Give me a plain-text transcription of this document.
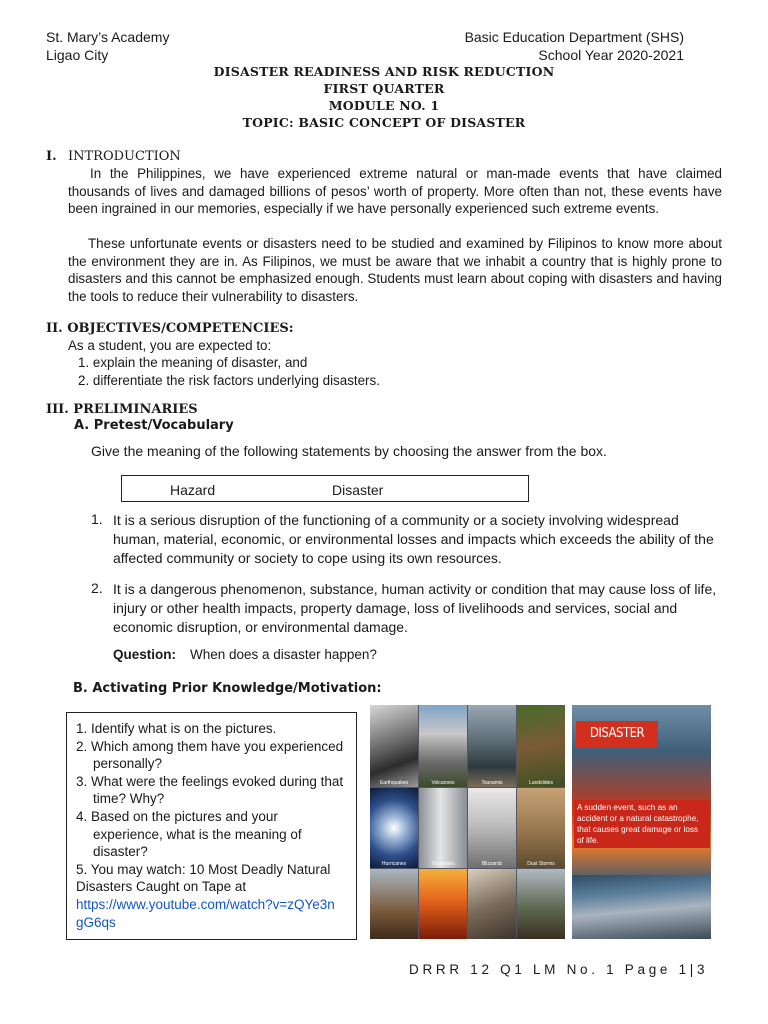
St. Mary’s Academy
Ligao City
Basic Education Department (SHS)
School Year 2020-2021
DISASTER READINESS AND RISK REDUCTION
FIRST QUARTER
MODULE NO. 1
TOPIC: BASIC CONCEPT OF DISASTER
I. INTRODUCTION
In the Philippines, we have experienced extreme natural or man-made events that have claimed thousands of lives and damaged billions of pesos’ worth of property. More often than not, these events have been ingrained in our memories, especially if we have personally experienced such extreme events.
These unfortunate events or disasters need to be studied and examined by Filipinos to know more about the environment they are in. As Filipinos, we must be aware that we inhabit a country that is highly prone to disasters and this cannot be emphasized enough. Students must learn about coping with disasters and having the tools to reduce their vulnerability to disasters.
II. OBJECTIVES/COMPETENCIES:
As a student, you are expected to:
1. explain the meaning of disaster, and
2. differentiate the risk factors underlying disasters.
III. PRELIMINARIES
A. Pretest/Vocabulary
Give the meaning of the following statements by choosing the answer from the box.
Hazard	Disaster
1. It is a serious disruption of the functioning of a community or a society involving widespread human, material, economic, or environmental losses and impacts which exceeds the ability of the affected community or society to cope using its own resources.
2. It is a dangerous phenomenon, substance, human activity or condition that may cause loss of life, injury or other health impacts, property damage, loss of livelihoods and services, social and economic disruption, or environmental damage.
Question: When does a disaster happen?
B. Activating Prior Knowledge/Motivation:
1. Identify what is on the pictures.
2. Which among them have you experienced personally?
3. What were the feelings evoked during that time? Why?
4. Based on the pictures and your experience, what is the meaning of disaster?
5. You may watch: 10 Most Deadly Natural Disasters Caught on Tape at
https://www.youtube.com/watch?v=zQYe3n
gG6qs
Earthquakes	Volcanoes	Tsunamis	Landslides
Hurricanes	Tornadoes	Blizzards	Dust Storms
DISASTER
A sudden event, such as an accident or a natural catastrophe, that causes great damage or loss of life.
DRRR 12 Q1 LM No. 1 Page 1|3
